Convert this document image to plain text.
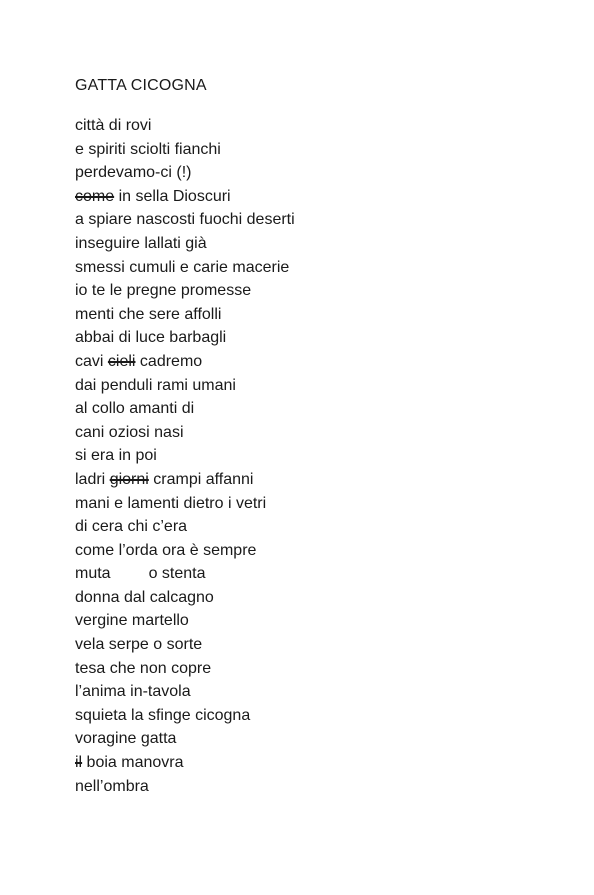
GATTA CICOGNA
città di rovi
e spiriti sciolti fianchi
perdevamo-ci (!)
come in sella Dioscuri
a spiare nascosti fuochi deserti
inseguire lallati già
smessi cumuli e carie macerie
io te le pregne promesse
menti che sere affolli
abbai di luce barbagli
cavi cieli cadremo
dai penduli rami umani
al collo amanti di
cani oziosi nasi
si era in poi
ladri giorni crampi affanni
mani e lamenti dietro i vetri
di cera chi c’era
come l’orda ora è sempre
muta o stenta
donna dal calcagno
vergine martello
vela serpe o sorte
tesa che non copre
l’anima in-tavola
squieta la sfinge cicogna
voragine gatta
il boia manovra
nell’ombra
